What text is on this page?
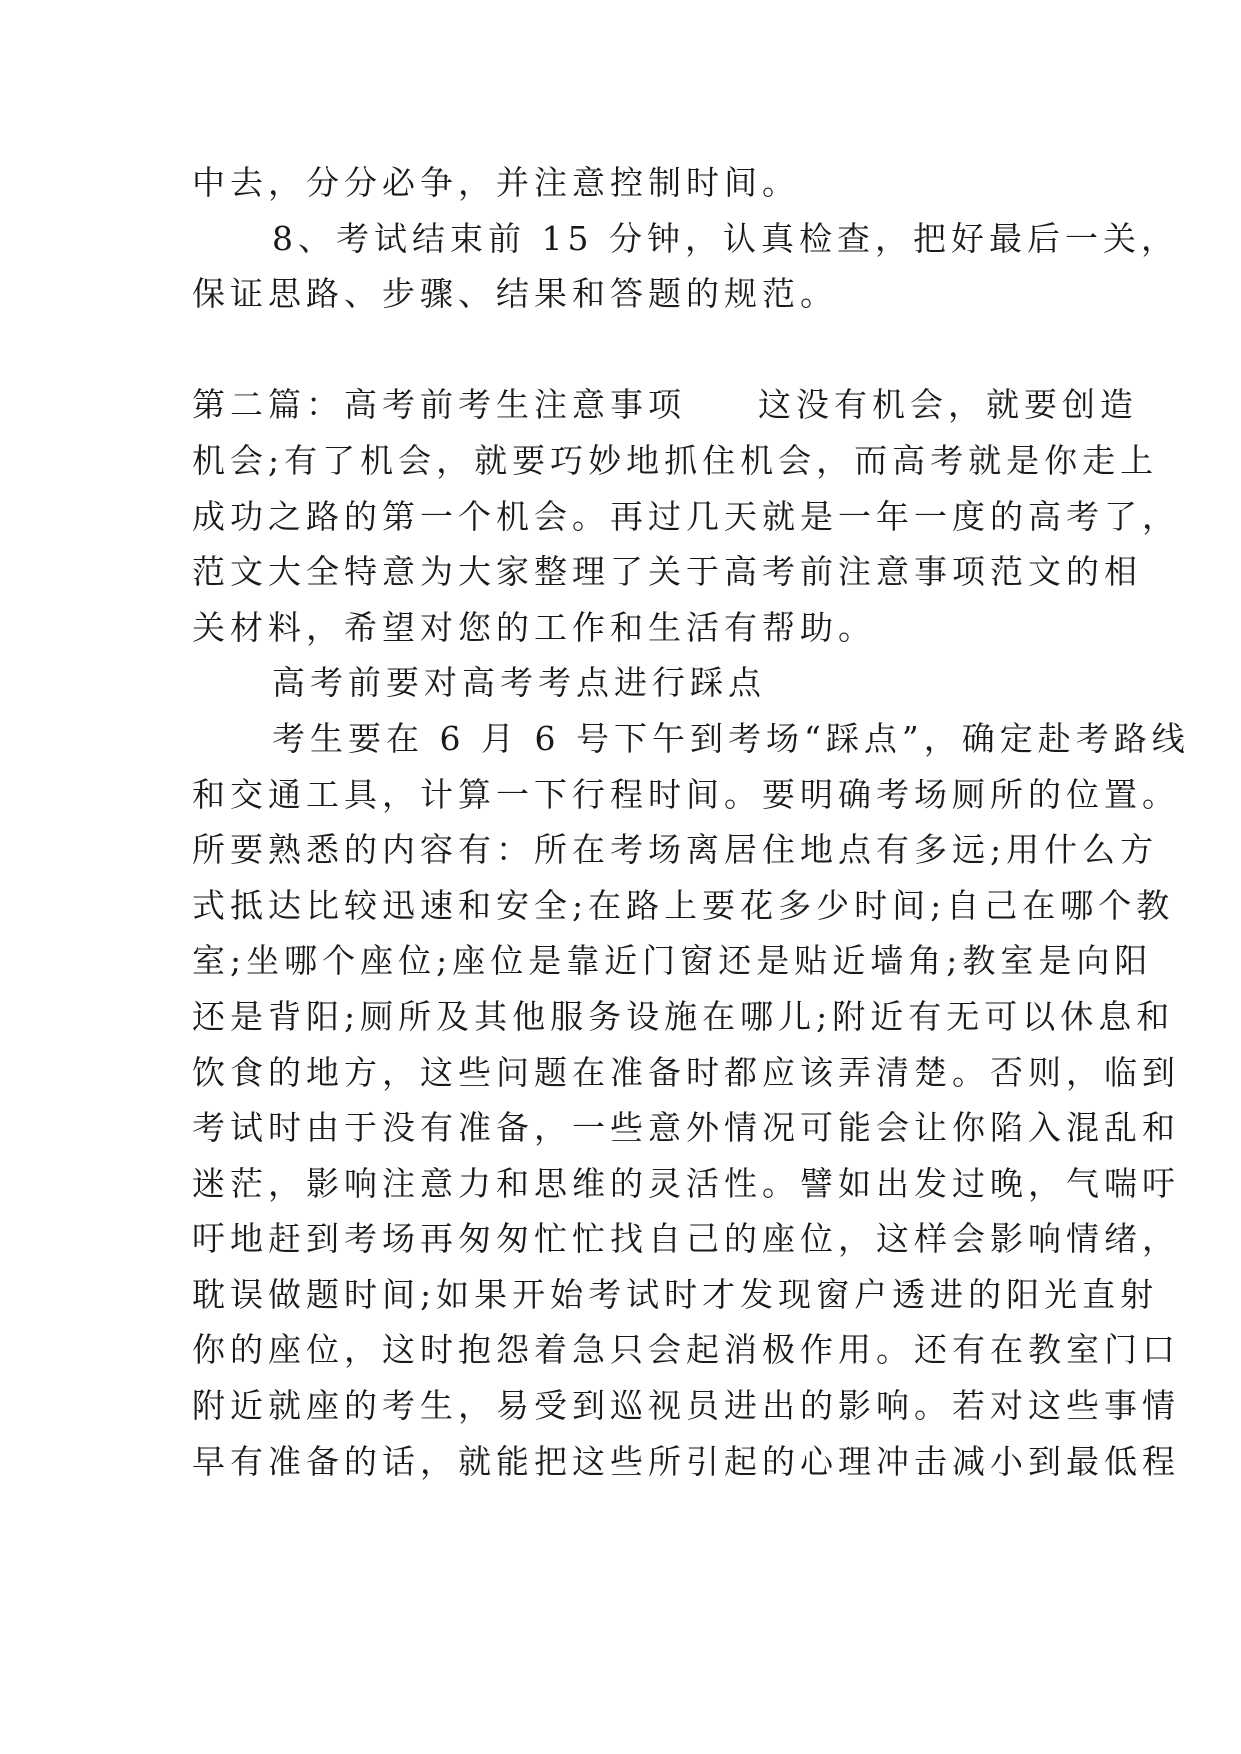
中去，分分必争，并注意控制时间。
8、考试结束前 15 分钟，认真检查，把好最后一关，
保证思路、步骤、结果和答题的规范。
第二篇：高考前考生注意事项 这没有机会，就要创造
机会;有了机会，就要巧妙地抓住机会，而高考就是你走上
成功之路的第一个机会。再过几天就是一年一度的高考了，
范文大全特意为大家整理了关于高考前注意事项范文的相
关材料，希望对您的工作和生活有帮助。
高考前要对高考考点进行踩点
考生要在 6 月 6 号下午到考场“踩点”，确定赴考路线
和交通工具，计算一下行程时间。要明确考场厕所的位置。
所要熟悉的内容有：所在考场离居住地点有多远;用什么方
式抵达比较迅速和安全;在路上要花多少时间;自己在哪个教
室;坐哪个座位;座位是靠近门窗还是贴近墙角;教室是向阳
还是背阳;厕所及其他服务设施在哪儿;附近有无可以休息和
饮食的地方，这些问题在准备时都应该弄清楚。否则，临到
考试时由于没有准备，一些意外情况可能会让你陷入混乱和
迷茫，影响注意力和思维的灵活性。譬如出发过晚，气喘吁
吁地赶到考场再匆匆忙忙找自己的座位，这样会影响情绪，
耽误做题时间;如果开始考试时才发现窗户透进的阳光直射
你的座位，这时抱怨着急只会起消极作用。还有在教室门口
附近就座的考生，易受到巡视员进出的影响。若对这些事情
早有准备的话，就能把这些所引起的心理冲击减小到最低程
